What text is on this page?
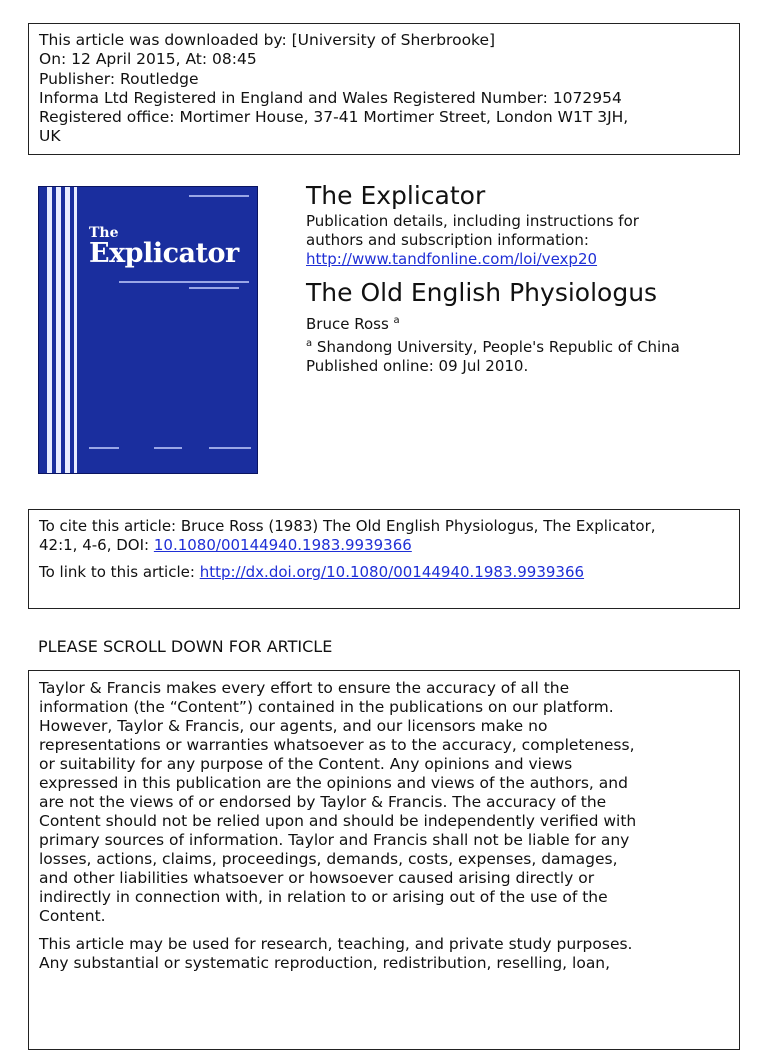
This article was downloaded by: [University of Sherbrooke]
On: 12 April 2015, At: 08:45
Publisher: Routledge
Informa Ltd Registered in England and Wales Registered Number: 1072954
Registered office: Mortimer House, 37-41 Mortimer Street, London W1T 3JH,
UK
The
Explicator
The Explicator
Publication details, including instructions for
authors and subscription information:
http://www.tandfonline.com/loi/vexp20
The Old English Physiologus
Bruce Ross $^a$
$^a$ Shandong University, People's Republic of China
Published online: 09 Jul 2010.
To cite this article: Bruce Ross (1983) The Old English Physiologus, The Explicator,
42:1, 4-6, DOI: 10.1080/00144940.1983.9939366
To link to this article: http://dx.doi.org/10.1080/00144940.1983.9939366
PLEASE SCROLL DOWN FOR ARTICLE
Taylor & Francis makes every effort to ensure the accuracy of all the
information (the “Content”) contained in the publications on our platform.
However, Taylor & Francis, our agents, and our licensors make no
representations or warranties whatsoever as to the accuracy, completeness,
or suitability for any purpose of the Content. Any opinions and views
expressed in this publication are the opinions and views of the authors, and
are not the views of or endorsed by Taylor & Francis. The accuracy of the
Content should not be relied upon and should be independently verified with
primary sources of information. Taylor and Francis shall not be liable for any
losses, actions, claims, proceedings, demands, costs, expenses, damages,
and other liabilities whatsoever or howsoever caused arising directly or
indirectly in connection with, in relation to or arising out of the use of the
Content.
This article may be used for research, teaching, and private study purposes.
Any substantial or systematic reproduction, redistribution, reselling, loan,
